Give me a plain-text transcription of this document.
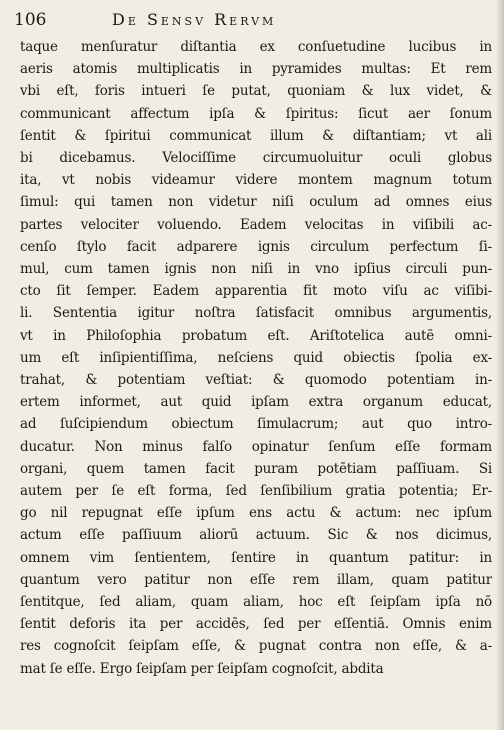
106	De Sensv Rervm
taque menſuratur diſtantia ex conſuetudine lucibus in
aeris atomis multiplicatis in pyramides multas: Et rem
vbi eſt, foris intueri ſe putat, quoniam & lux videt, &
communicant affectum ipſa & ſpiritus: ſicut aer ſonum
ſentit & ſpiritui communicat illum & diſtantiam; vt ali
bi dicebamus. Velociſſime circumuoluitur oculi globus
ita, vt nobis videamur videre montem magnum totum
ſimul: qui tamen non videtur niſi oculum ad omnes eius
partes velociter voluendo. Eadem velocitas in viſibili ac-
cenſo ſtylo facit adparere ignis circulum perfectum ſi-
mul, cum tamen ignis non niſi in vno ipſius circuli pun-
cto ſit ſemper. Eadem apparentia fit moto viſu ac viſibi-
li. Sententia igitur noſtra ſatisfacit omnibus argumentis,
vt in Philoſophia probatum eſt. Ariſtotelica autē omni-
um eſt inſipientiſſima, neſciens quid obiectis ſpolia ex-
trahat, & potentiam veſtiat: & quomodo potentiam in-
ertem informet, aut quid ipſam extra organum educat,
ad ſuſcipiendum obiectum ſimulacrum; aut quo intro-
ducatur. Non minus falſo opinatur ſenſum eſſe formam
organi, quem tamen facit puram potētiam paſſiuam. Si
autem per ſe eſt forma, ſed ſenſibilium gratia potentia; Er-
go nil repugnat eſſe ipſum ens actu & actum: nec ipſum
actum eſſe paſſiuum aliorū actuum. Sic & nos dicimus,
omnem vim ſentientem, ſentire in quantum patitur: in
quantum vero patitur non eſſe rem illam, quam patitur
ſentitque, ſed aliam, quam aliam, hoc eſt ſeipſam ipſa nō
ſentit deforis ita per accidēs, ſed per eſſentiā. Omnis enim
res cognoſcit ſeipſam eſſe, & pugnat contra non eſſe, & a-
mat ſe eſſe. Ergo ſeipſam per ſeipſam cognoſcit, abdita
